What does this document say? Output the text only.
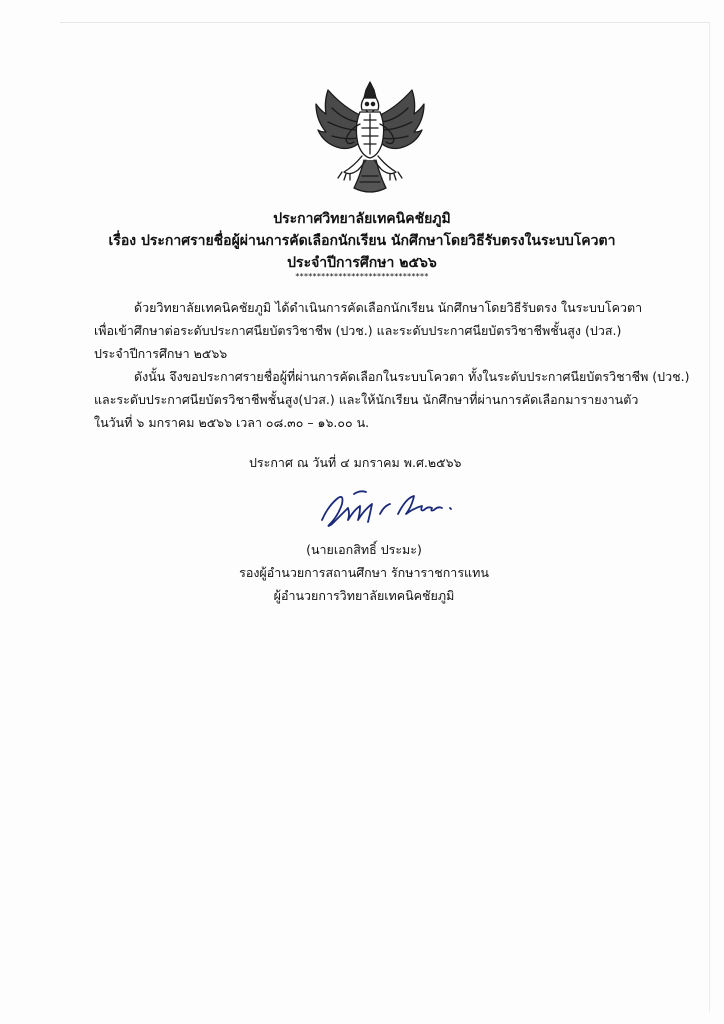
ประกาศวิทยาลัยเทคนิคชัยภูมิ
เรื่อง ประกาศรายชื่อผู้ผ่านการคัดเลือกนักเรียน นักศึกษาโดยวิธีรับตรงในระบบโควตา
ประจำปีการศึกษา ๒๕๖๖
*******************************
ด้วยวิทยาลัยเทคนิคชัยภูมิ ได้ดำเนินการคัดเลือกนักเรียน นักศึกษาโดยวิธีรับตรง ในระบบโควตา
เพื่อเข้าศึกษาต่อระดับประกาศนียบัตรวิชาชีพ (ปวช.) และระดับประกาศนียบัตรวิชาชีพชั้นสูง (ปวส.)
ประจำปีการศึกษา ๒๕๖๖
ดังนั้น จึงขอประกาศรายชื่อผู้ที่ผ่านการคัดเลือกในระบบโควตา ทั้งในระดับประกาศนียบัตรวิชาชีพ (ปวช.)
และระดับประกาศนียบัตรวิชาชีพชั้นสูง(ปวส.) และให้นักเรียน นักศึกษาที่ผ่านการคัดเลือกมารายงานตัว
ในวันที่ ๖ มกราคม ๒๕๖๖ เวลา ๐๘.๓๐ – ๑๖.๐๐ น.
ประกาศ ณ วันที่ ๔ มกราคม พ.ศ.๒๕๖๖
(นายเอกสิทธิ์ ประมะ)
รองผู้อำนวยการสถานศึกษา รักษาราชการแทน
ผู้อำนวยการวิทยาลัยเทคนิคชัยภูมิ
